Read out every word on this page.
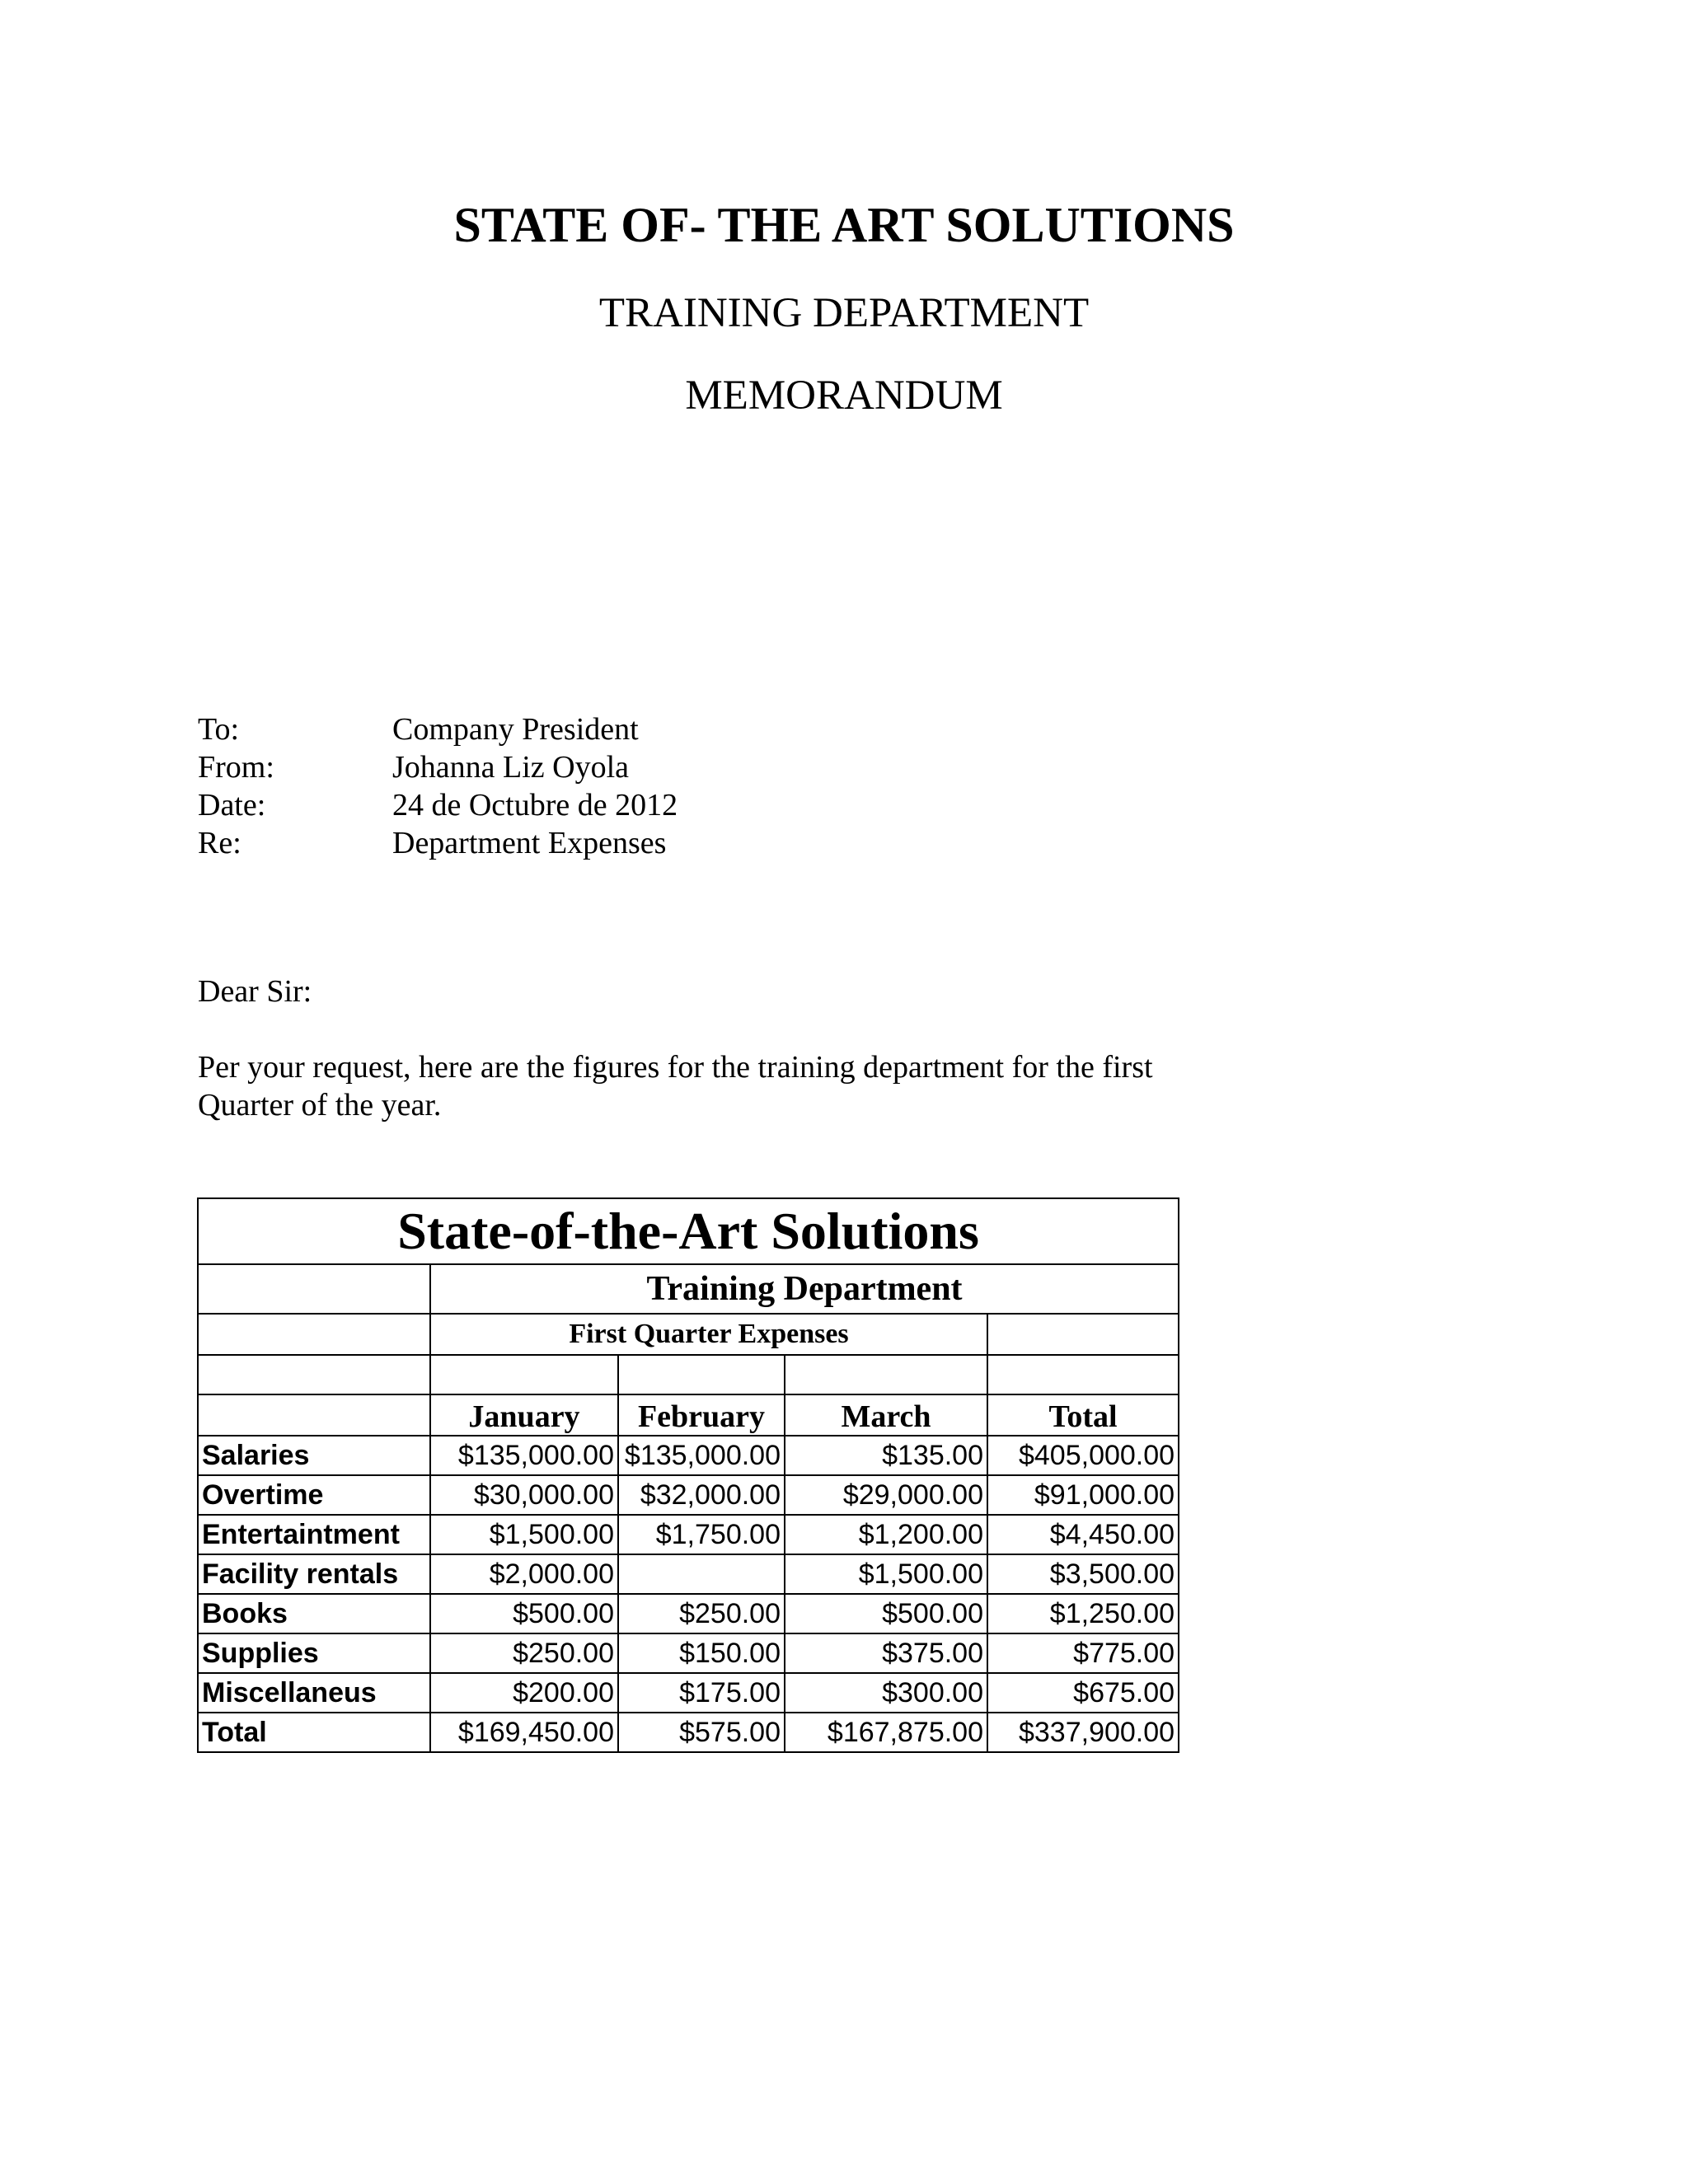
STATE OF- THE ART SOLUTIONS
TRAINING DEPARTMENT
MEMORANDUM
To:	Company President
From:	Johanna Liz Oyola
Date:	24 de Octubre de 2012
Re:	Department Expenses
Dear Sir:
Per your request, here are the figures for the training department for the first Quarter of the year.
State-of-the-Art Solutions				
	Training Department			
	First Quarter Expenses			

	January	February	March	Total
Salaries	$135,000.00	$135,000.00	$135.00	$405,000.00
Overtime	$30,000.00	$32,000.00	$29,000.00	$91,000.00
Entertaintment	$1,500.00	$1,750.00	$1,200.00	$4,450.00
Facility rentals	$2,000.00		$1,500.00	$3,500.00
Books	$500.00	$250.00	$500.00	$1,250.00
Supplies	$250.00	$150.00	$375.00	$775.00
Miscellaneus	$200.00	$175.00	$300.00	$675.00
Total	$169,450.00	$575.00	$167,875.00	$337,900.00
